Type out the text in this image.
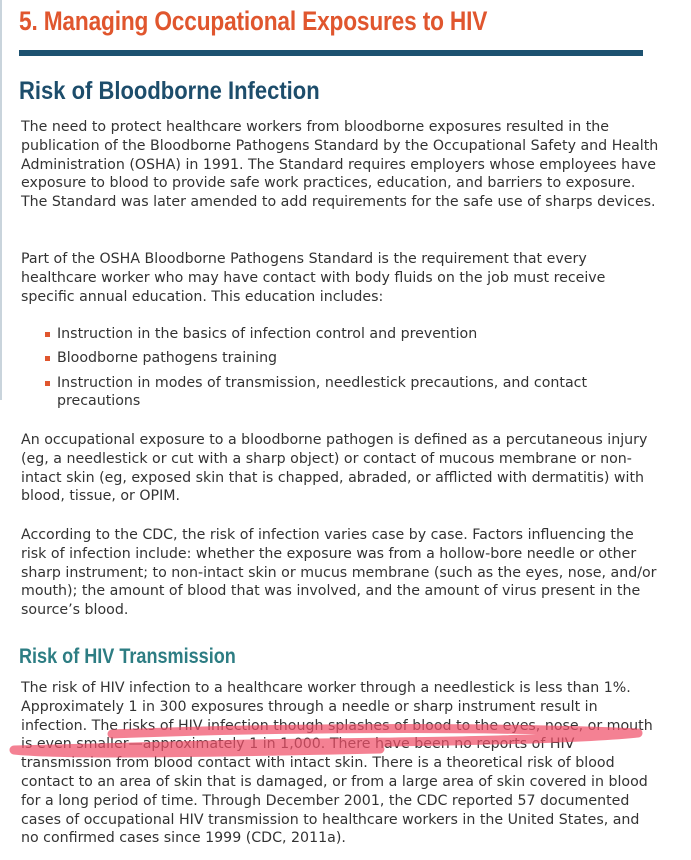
5. Managing Occupational Exposures to HIV
Risk of Bloodborne Infection

The need to protect healthcare workers from bloodborne exposures resulted in the publication of the Bloodborne Pathogens Standard by the Occupational Safety and Health Administration (OSHA) in 1991. The Standard requires employers whose employees have exposure to blood to provide safe work practices, education, and barriers to exposure. The Standard was later amended to add requirements for the safe use of sharps devices.

Part of the OSHA Bloodborne Pathogens Standard is the requirement that every healthcare worker who may have contact with body fluids on the job must receive specific annual education. This education includes:

Instruction in the basics of infection control and prevention
Bloodborne pathogens training
Instruction in modes of transmission, needlestick precautions, and contact precautions

An occupational exposure to a bloodborne pathogen is defined as a percutaneous injury (eg, a needlestick or cut with a sharp object) or contact of mucous membrane or non-intact skin (eg, exposed skin that is chapped, abraded, or afflicted with dermatitis) with blood, tissue, or OPIM.

According to the CDC, the risk of infection varies case by case. Factors influencing the risk of infection include: whether the exposure was from a hollow-bore needle or other sharp instrument; to non-intact skin or mucus membrane (such as the eyes, nose, and/or mouth); the amount of blood that was involved, and the amount of virus present in the source’s blood.

Risk of HIV Transmission

The risk of HIV infection to a healthcare worker through a needlestick is less than 1%. Approximately 1 in 300 exposures through a needle or sharp instrument result in infection. The risks of HIV infection though splashes of blood to the eyes, nose, or mouth is even smaller—approximately 1 in 1,000. There have been no reports of HIV transmission from blood contact with intact skin. There is a theoretical risk of blood contact to an area of skin that is damaged, or from a large area of skin covered in blood for a long period of time. Through December 2001, the CDC reported 57 documented cases of occupational HIV transmission to healthcare workers in the United States, and no confirmed cases since 1999 (CDC, 2011a).
